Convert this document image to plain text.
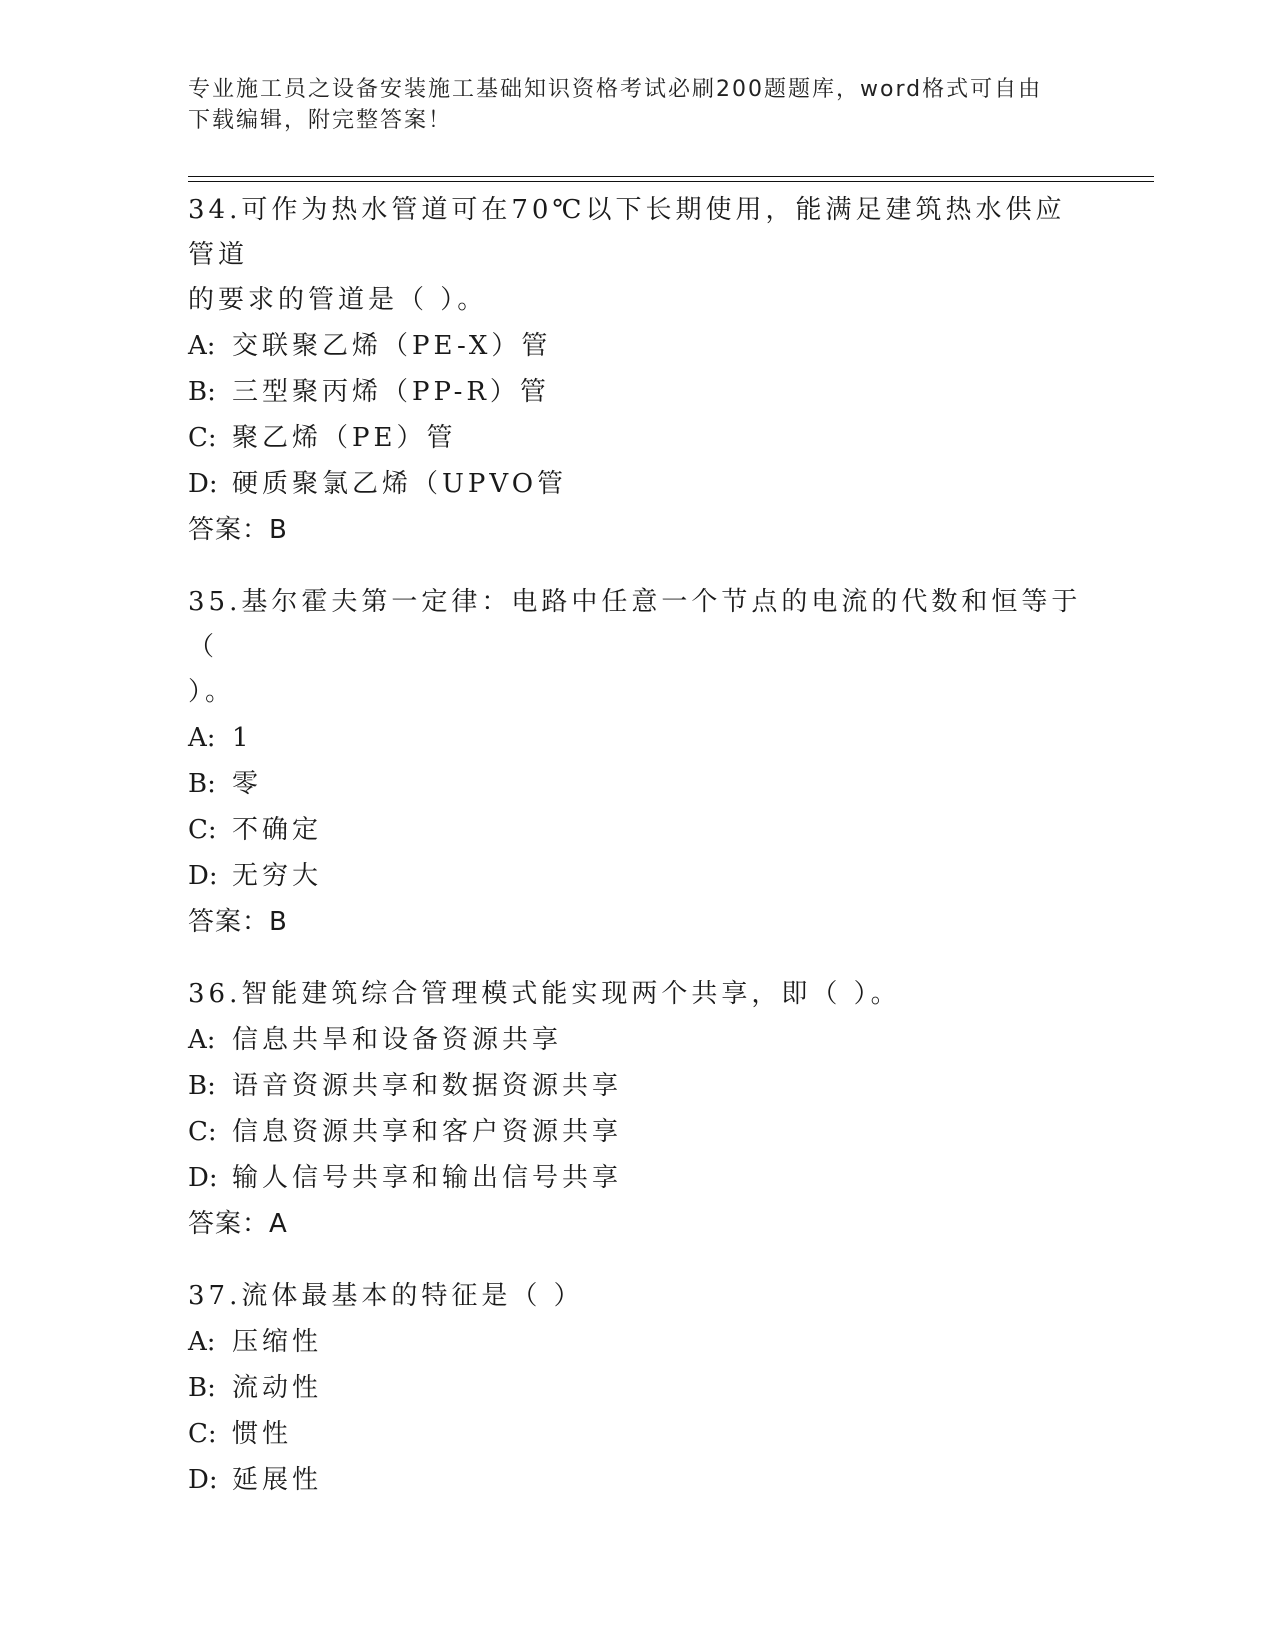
专业施工员之设备安装施工基础知识资格考试必刷200题题库，word格式可自由
下载编辑，附完整答案！
34.可作为热水管道可在70℃以下长期使用，能满足建筑热水供应管道
的要求的管道是（ ）。
A: 交联聚乙烯（PE-X）管
B: 三型聚丙烯（PP-R）管
C: 聚乙烯（PE）管
D: 硬质聚氯乙烯（UPVO管
答案：B
35.基尔霍夫第一定律：电路中任意一个节点的电流的代数和恒等于（
）。
A: 1
B: 零
C: 不确定
D: 无穷大
答案：B
36.智能建筑综合管理模式能实现两个共享，即（ ）。
A: 信息共旱和设备资源共享
B: 语音资源共享和数据资源共享
C: 信息资源共享和客户资源共享
D: 输人信号共享和输出信号共享
答案：A
37.流体最基本的特征是（ ）
A: 压缩性
B: 流动性
C: 惯性
D: 延展性
